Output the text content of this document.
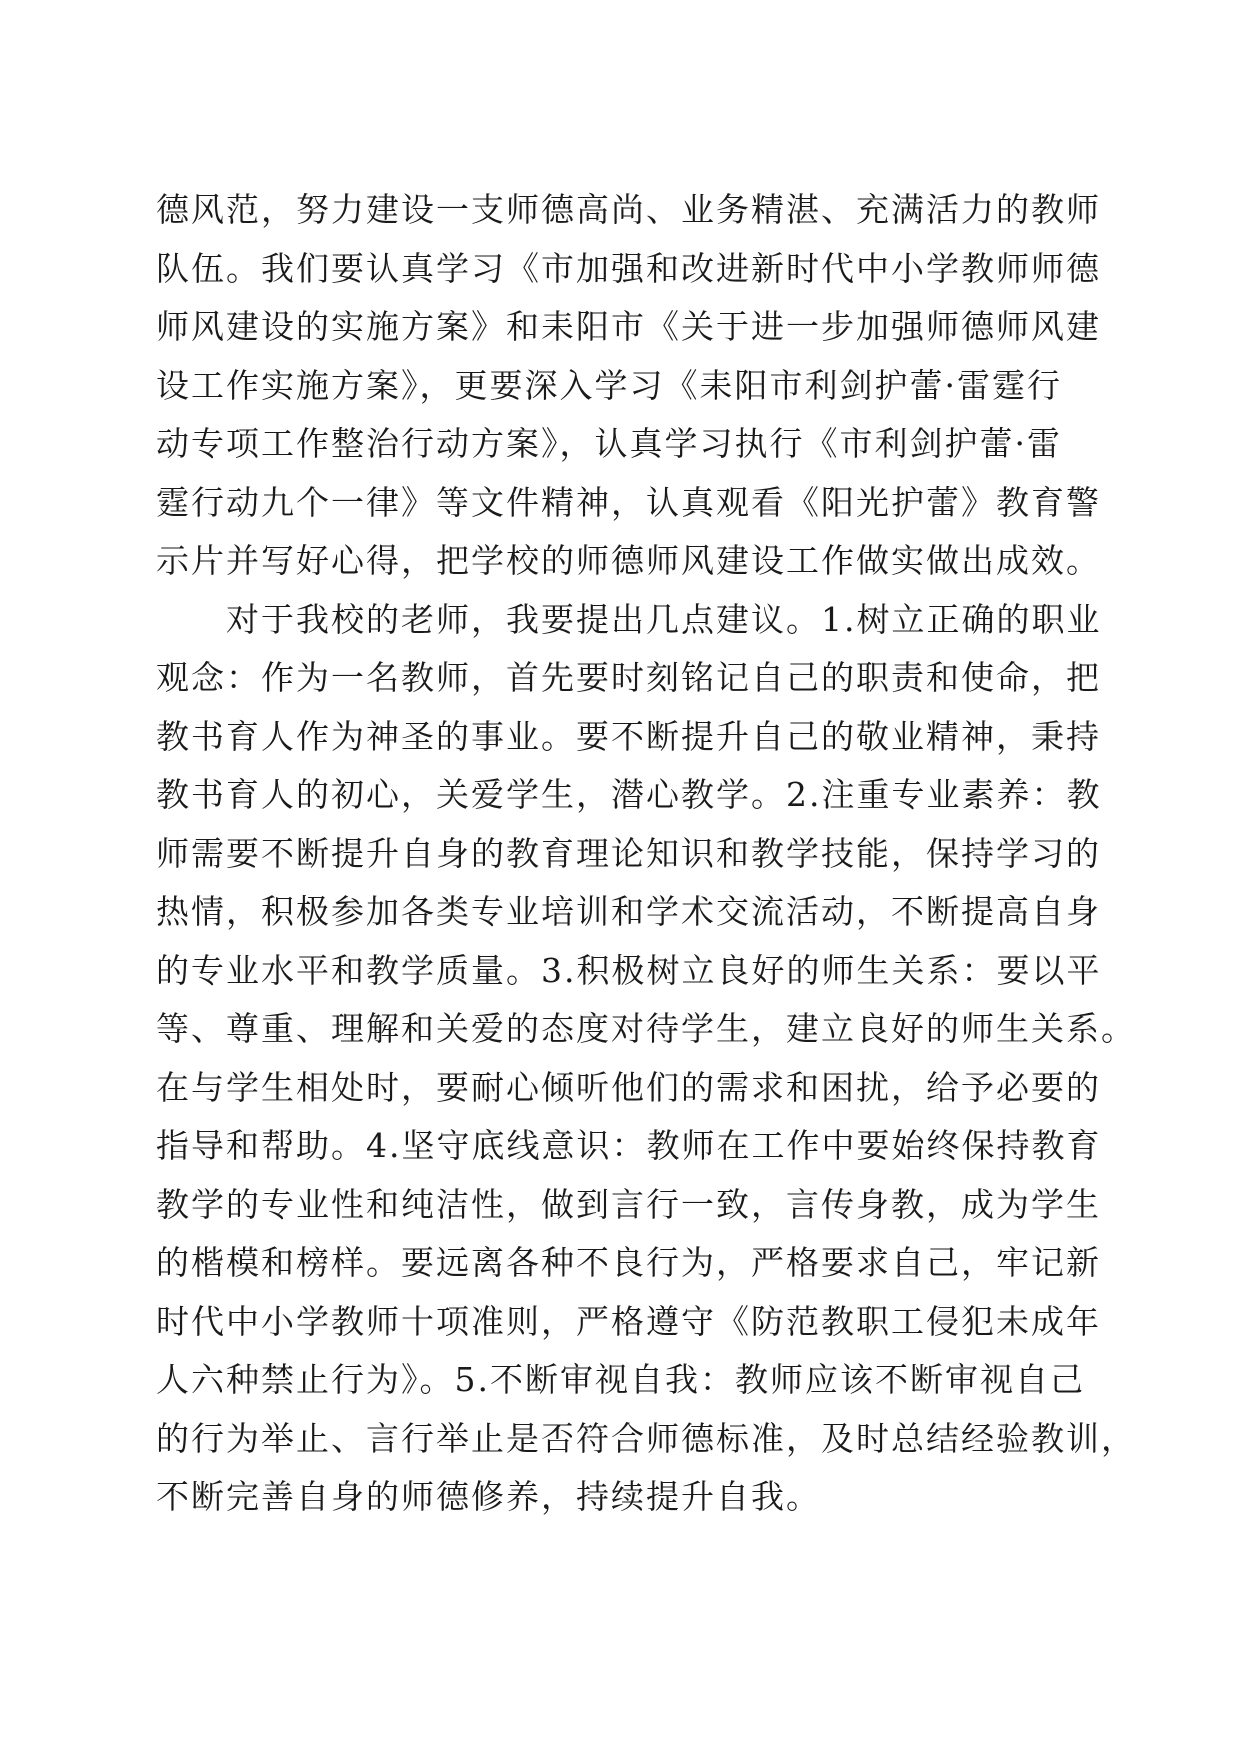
德风范，努力建设一支师德高尚、业务精湛、充满活力的教师
队伍。我们要认真学习《市加强和改进新时代中小学教师师德
师风建设的实施方案》和耒阳市《关于进一步加强师德师风建
设工作实施方案》，更要深入学习《耒阳市利剑护蕾·雷霆行
动专项工作整治行动方案》，认真学习执行《市利剑护蕾·雷
霆行动九个一律》等文件精神，认真观看《阳光护蕾》教育警
示片并写好心得，把学校的师德师风建设工作做实做出成效。
　　对于我校的老师，我要提出几点建议。1.树立正确的职业
观念：作为一名教师，首先要时刻铭记自己的职责和使命，把
教书育人作为神圣的事业。要不断提升自己的敬业精神，秉持
教书育人的初心，关爱学生，潜心教学。2.注重专业素养：教
师需要不断提升自身的教育理论知识和教学技能，保持学习的
热情，积极参加各类专业培训和学术交流活动，不断提高自身
的专业水平和教学质量。3.积极树立良好的师生关系：要以平
等、尊重、理解和关爱的态度对待学生，建立良好的师生关系。
在与学生相处时，要耐心倾听他们的需求和困扰，给予必要的
指导和帮助。4.坚守底线意识：教师在工作中要始终保持教育
教学的专业性和纯洁性，做到言行一致，言传身教，成为学生
的楷模和榜样。要远离各种不良行为，严格要求自己，牢记新
时代中小学教师十项准则，严格遵守《防范教职工侵犯未成年
人六种禁止行为》。5.不断审视自我：教师应该不断审视自己
的行为举止、言行举止是否符合师德标准，及时总结经验教训，
不断完善自身的师德修养，持续提升自我。
